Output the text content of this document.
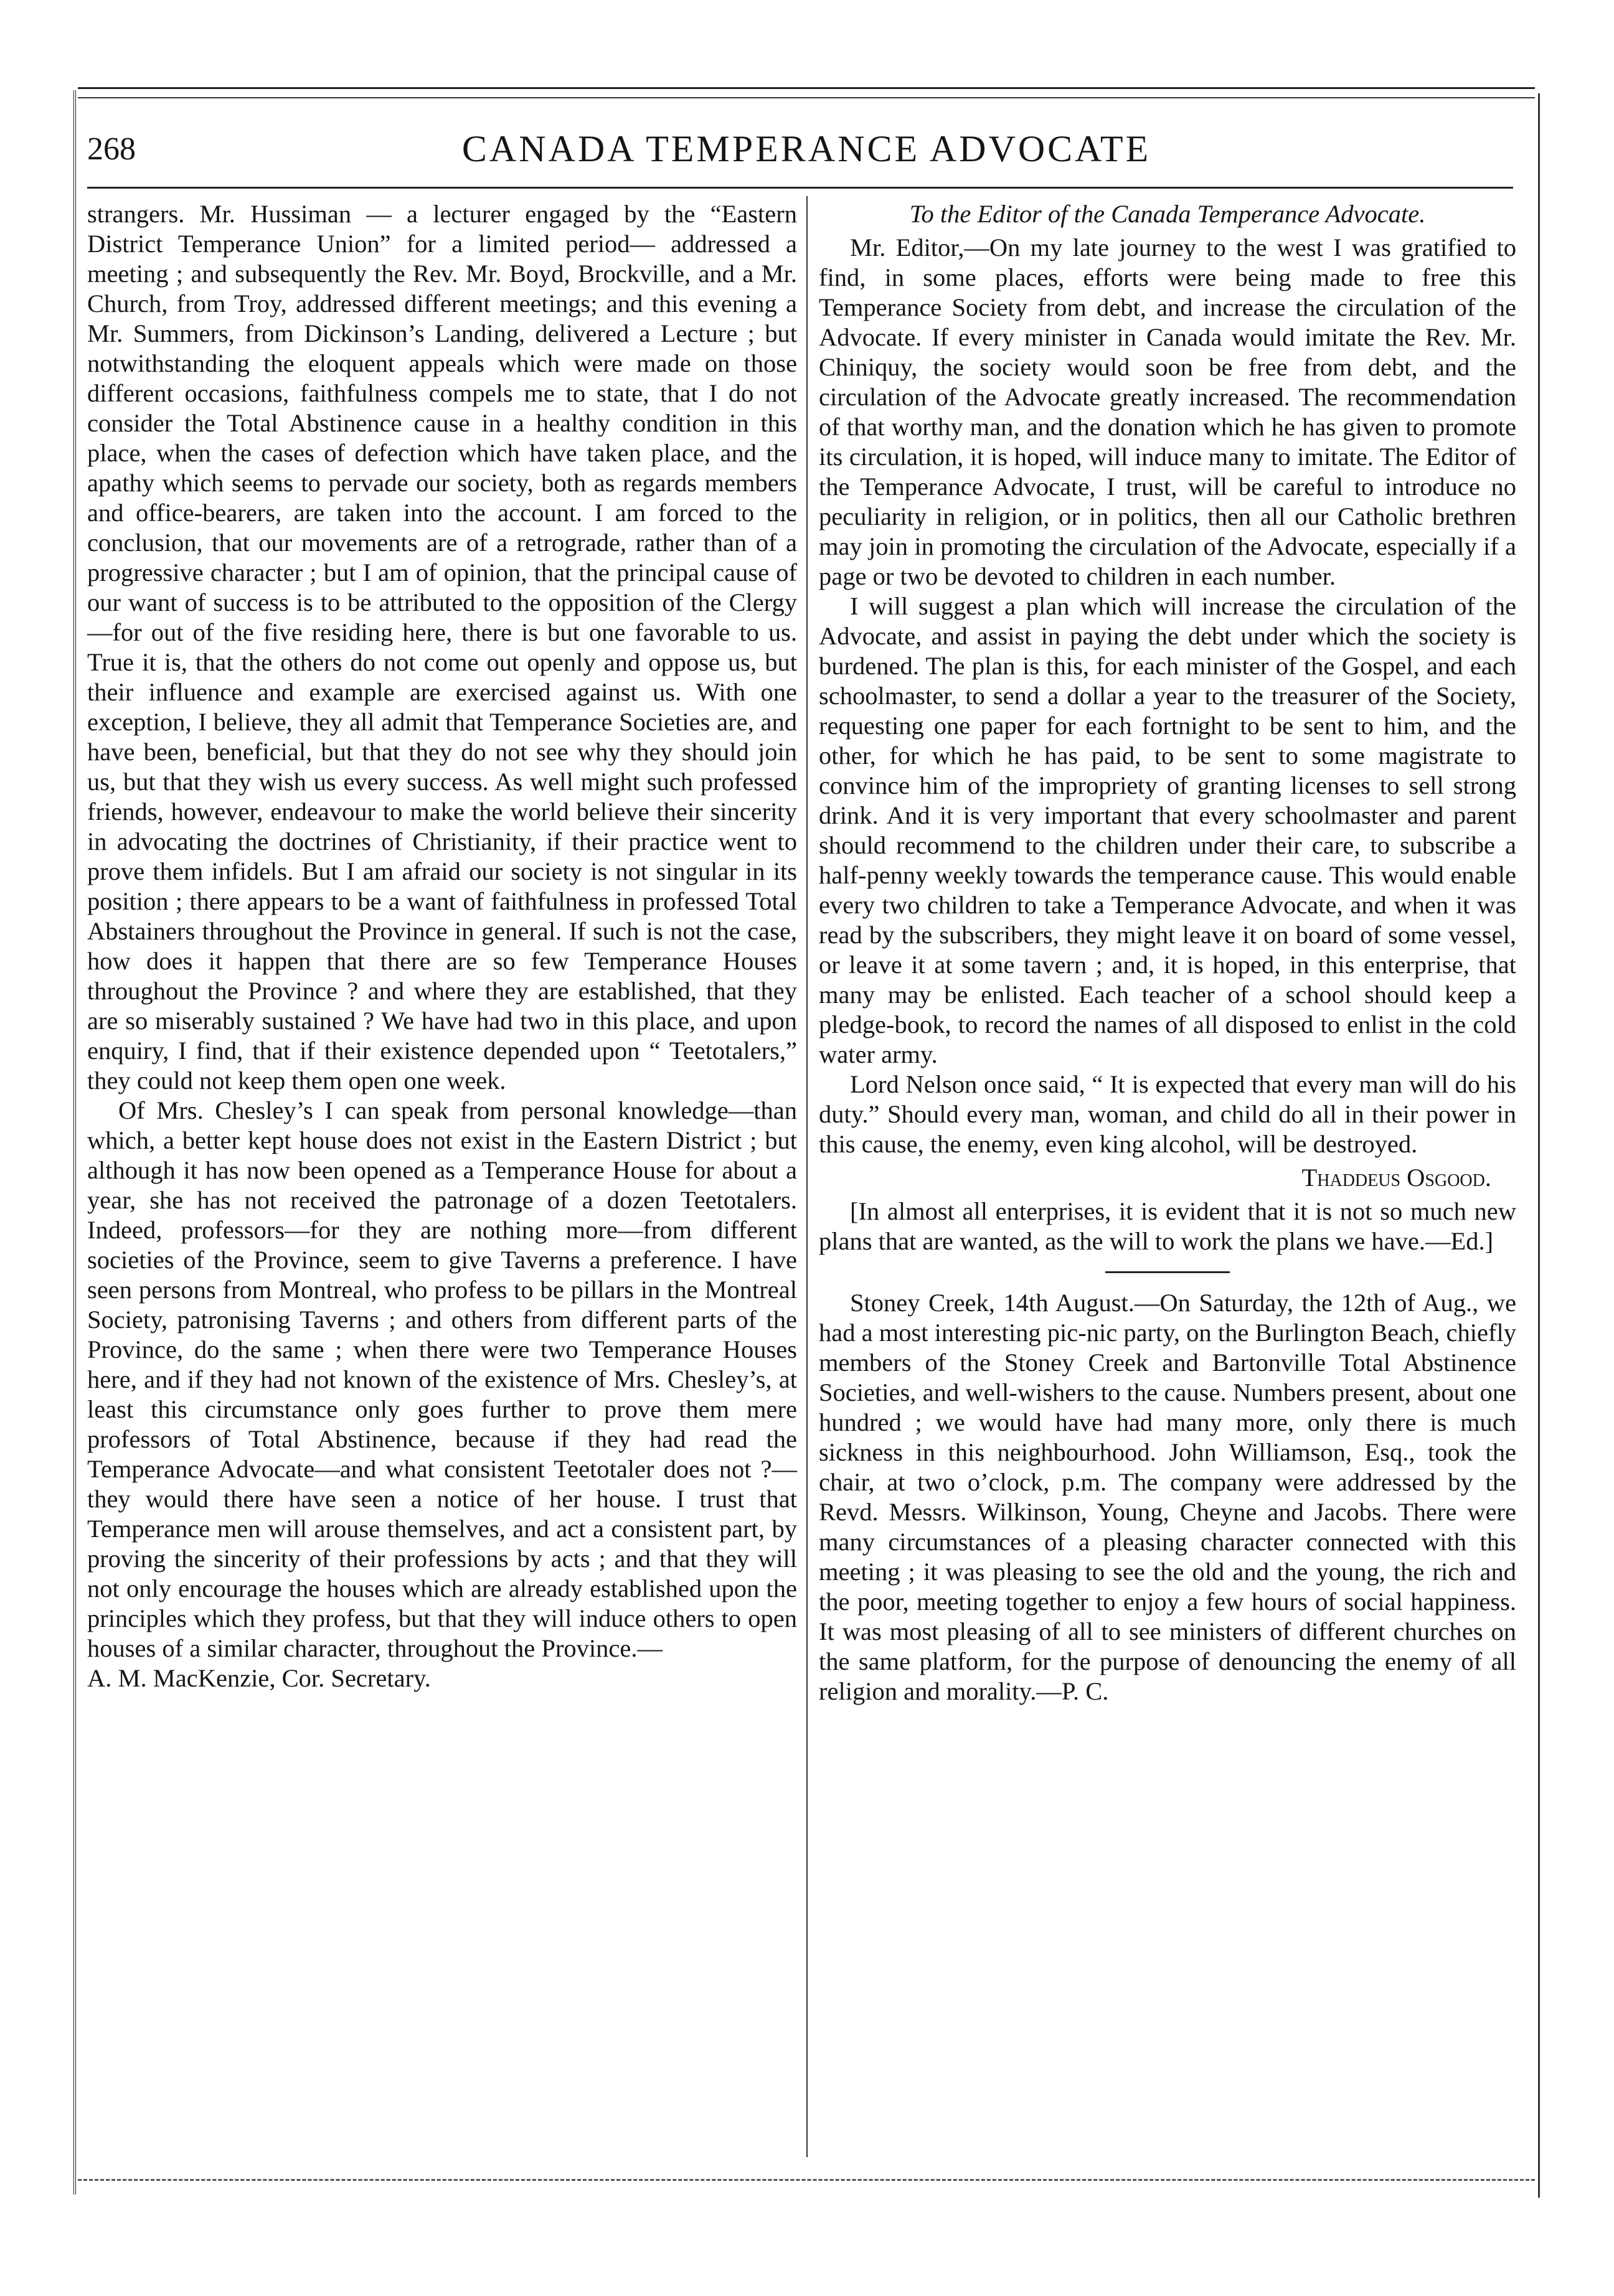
268	CANADA TEMPERANCE ADVOCATE

strangers. Mr. Hussiman — a lecturer engaged by the “Eastern District Temperance Union” for a limited period— addressed a meeting ; and subsequently the Rev. Mr. Boyd, Brockville, and a Mr. Church, from Troy, addressed different meetings; and this evening a Mr. Summers, from Dickinson’s Landing, delivered a Lecture ; but notwithstanding the eloquent appeals which were made on those different occasions, faithfulness compels me to state, that I do not consider the Total Abstinence cause in a healthy condition in this place, when the cases of defection which have taken place, and the apathy which seems to pervade our society, both as regards members and office-bearers, are taken into the account. I am forced to the conclusion, that our movements are of a retrograde, rather than of a progressive character ; but I am of opinion, that the principal cause of our want of success is to be attributed to the opposition of the Clergy—for out of the five residing here, there is but one favorable to us. True it is, that the others do not come out openly and oppose us, but their influence and example are exercised against us. With one exception, I believe, they all admit that Temperance Societies are, and have been, beneficial, but that they do not see why they should join us, but that they wish us every success. As well might such professed friends, however, endeavour to make the world believe their sincerity in advocating the doctrines of Christianity, if their practice went to prove them infidels. But I am afraid our society is not singular in its position ; there appears to be a want of faithfulness in professed Total Abstainers throughout the Province in general. If such is not the case, how does it happen that there are so few Temperance Houses throughout the Province ? and where they are established, that they are so miserably sustained ? We have had two in this place, and upon enquiry, I find, that if their existence depended upon “ Teetotalers,” they could not keep them open one week.

Of Mrs. Chesley’s I can speak from personal knowledge—than which, a better kept house does not exist in the Eastern District ; but although it has now been opened as a Temperance House for about a year, she has not received the patronage of a dozen Teetotalers. Indeed, professors—for they are nothing more—from different societies of the Province, seem to give Taverns a preference. I have seen persons from Montreal, who profess to be pillars in the Montreal Society, patronising Taverns ; and others from different parts of the Province, do the same ; when there were two Temperance Houses here, and if they had not known of the existence of Mrs. Chesley’s, at least this circumstance only goes further to prove them mere professors of Total Abstinence, because if they had read the Temperance Advocate—and what consistent Teetotaler does not ?—they would there have seen a notice of her house. I trust that Temperance men will arouse themselves, and act a consistent part, by proving the sincerity of their professions by acts ; and that they will not only encourage the houses which are already established upon the principles which they profess, but that they will induce others to open houses of a similar character, throughout the Province.—

A. M. MacKenzie, Cor. Secretary.

To the Editor of the Canada Temperance Advocate.

Mr. Editor,—On my late journey to the west I was gratified to find, in some places, efforts were being made to free this Temperance Society from debt, and increase the circulation of the Advocate. If every minister in Canada would imitate the Rev. Mr. Chiniquy, the society would soon be free from debt, and the circulation of the Advocate greatly increased. The recommendation of that worthy man, and the donation which he has given to promote its circulation, it is hoped, will induce many to imitate. The Editor of the Temperance Advocate, I trust, will be careful to introduce no peculiarity in religion, or in politics, then all our Catholic brethren may join in promoting the circulation of the Advocate, especially if a page or two be devoted to children in each number.

I will suggest a plan which will increase the circulation of the Advocate, and assist in paying the debt under which the society is burdened. The plan is this, for each minister of the Gospel, and each schoolmaster, to send a dollar a year to the treasurer of the Society, requesting one paper for each fortnight to be sent to him, and the other, for which he has paid, to be sent to some magistrate to convince him of the impropriety of granting licenses to sell strong drink. And it is very important that every schoolmaster and parent should recommend to the children under their care, to subscribe a half-penny weekly towards the temperance cause. This would enable every two children to take a Temperance Advocate, and when it was read by the subscribers, they might leave it on board of some vessel, or leave it at some tavern ; and, it is hoped, in this enterprise, that many may be enlisted. Each teacher of a school should keep a pledge-book, to record the names of all disposed to enlist in the cold water army.

Lord Nelson once said, “ It is expected that every man will do his duty.” Should every man, woman, and child do all in their power in this cause, the enemy, even king alcohol, will be destroyed.

Thaddeus Osgood.

[In almost all enterprises, it is evident that it is not so much new plans that are wanted, as the will to work the plans we have.—Ed.]

Stoney Creek, 14th August.—On Saturday, the 12th of Aug., we had a most interesting pic-nic party, on the Burlington Beach, chiefly members of the Stoney Creek and Bartonville Total Abstinence Societies, and well-wishers to the cause. Numbers present, about one hundred ; we would have had many more, only there is much sickness in this neighbourhood. John Williamson, Esq., took the chair, at two o’clock, p.m. The company were addressed by the Revd. Messrs. Wilkinson, Young, Cheyne and Jacobs. There were many circumstances of a pleasing character connected with this meeting ; it was pleasing to see the old and the young, the rich and the poor, meeting together to enjoy a few hours of social happiness. It was most pleasing of all to see ministers of different churches on the same platform, for the purpose of denouncing the enemy of all religion and morality.—P. C.
